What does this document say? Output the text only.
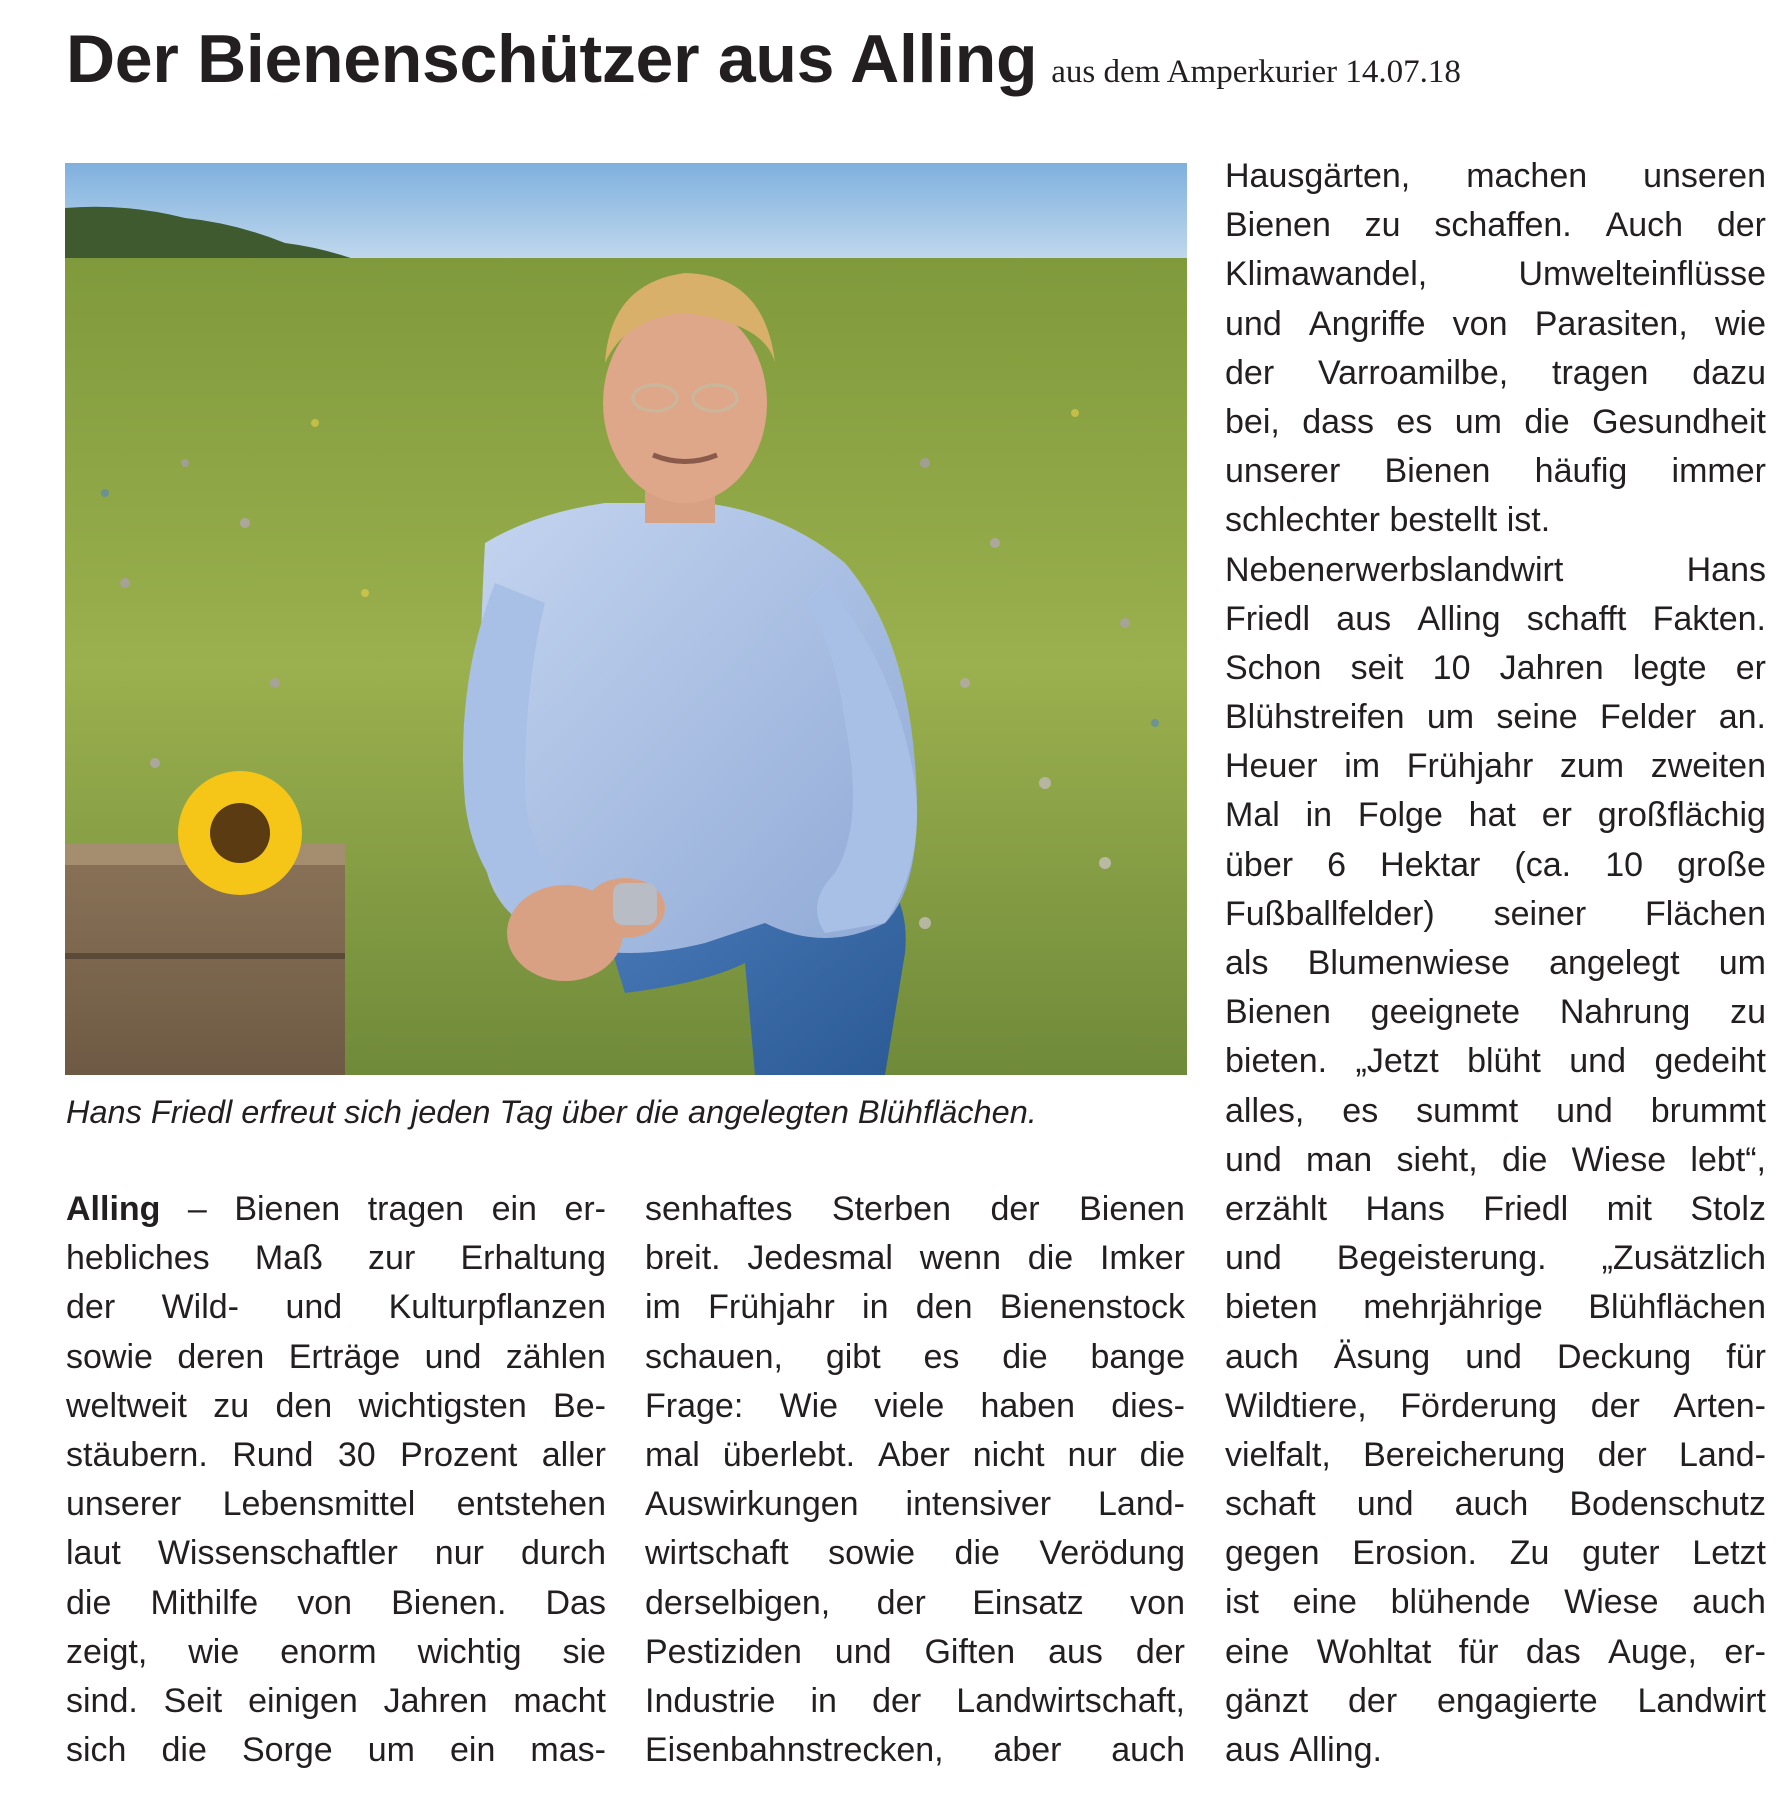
Der Bienenschützer aus Alling aus dem Amperkurier 14.07.18
Hans Friedl erfreut sich jeden Tag über die angelegten Blühflächen.
Alling – Bienen tragen ein er-
hebliches Maß zur Erhaltung
der Wild- und Kulturpflanzen
sowie deren Erträge und zählen
weltweit zu den wichtigsten Be-
stäubern. Rund 30 Prozent aller
unserer Lebensmittel entstehen
laut Wissenschaftler nur durch
die Mithilfe von Bienen. Das
zeigt, wie enorm wichtig sie
sind. Seit einigen Jahren macht
sich die Sorge um ein mas-
senhaftes Sterben der Bienen
breit. Jedesmal wenn die Imker
im Frühjahr in den Bienenstock
schauen, gibt es die bange
Frage: Wie viele haben dies-
mal überlebt. Aber nicht nur die
Auswirkungen intensiver Land-
wirtschaft sowie die Verödung
derselbigen, der Einsatz von
Pestiziden und Giften aus der
Industrie in der Landwirtschaft,
Eisenbahnstrecken, aber auch
Hausgärten, machen unseren
Bienen zu schaffen. Auch der
Klimawandel,	Umwelteinflüsse
und Angriffe von Parasiten, wie
der Varroamilbe, tragen dazu
bei, dass es um die Gesundheit
unserer Bienen häufig immer
schlechter bestellt ist.
Nebenerwerbslandwirt	Hans
Friedl aus Alling schafft Fakten.
Schon seit 10 Jahren legte er
Blühstreifen um seine Felder an.
Heuer im Frühjahr zum zweiten
Mal in Folge hat er großflächig
über 6 Hektar (ca. 10 große
Fußballfelder) seiner Flächen
als Blumenwiese angelegt um
Bienen geeignete Nahrung zu
bieten. „Jetzt blüht und gedeiht
alles, es summt und brummt
und man sieht, die Wiese lebt“,
erzählt Hans Friedl mit Stolz
und Begeisterung. „Zusätzlich
bieten mehrjährige Blühflächen
auch Äsung und Deckung für
Wildtiere, Förderung der Arten-
vielfalt, Bereicherung der Land-
schaft und auch Bodenschutz
gegen Erosion. Zu guter Letzt
ist eine blühende Wiese auch
eine Wohltat für das Auge, er-
gänzt der engagierte Landwirt
aus Alling.
